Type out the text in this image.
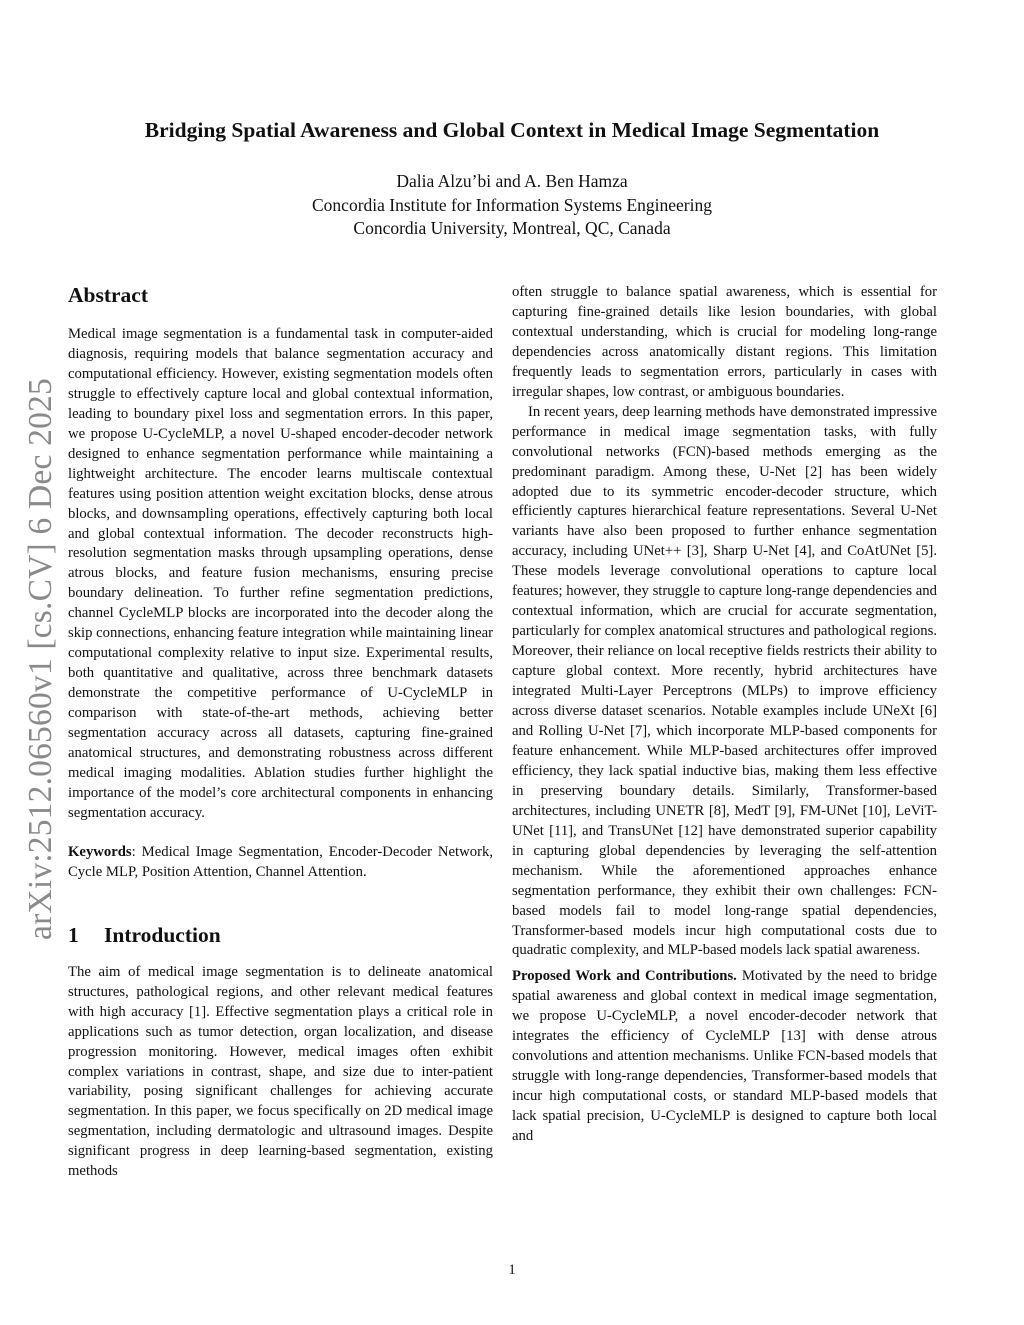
arXiv:2512.06560v1 [cs.CV] 6 Dec 2025
Bridging Spatial Awareness and Global Context in Medical Image Segmentation
Dalia Alzu’bi and A. Ben Hamza
Concordia Institute for Information Systems Engineering
Concordia University, Montreal, QC, Canada
Abstract

Medical image segmentation is a fundamental task in computer-aided diagnosis, requiring models that balance segmentation accuracy and computational efficiency. However, existing segmentation models often struggle to effectively capture local and global contextual information, leading to boundary pixel loss and segmentation errors. In this paper, we propose U-CycleMLP, a novel U-shaped encoder-decoder network designed to enhance segmentation performance while maintaining a lightweight architecture. The encoder learns multiscale contextual features using position attention weight excitation blocks, dense atrous blocks, and downsampling operations, effectively capturing both local and global contextual information. The decoder reconstructs high-resolution segmentation masks through upsampling operations, dense atrous blocks, and feature fusion mechanisms, ensuring precise boundary delineation. To further refine segmentation predictions, channel CycleMLP blocks are incorporated into the decoder along the skip connections, enhancing feature integration while maintaining linear computational complexity relative to input size. Experimental results, both quantitative and qualitative, across three benchmark datasets demonstrate the competitive performance of U-CycleMLP in comparison with state-of-the-art methods, achieving better segmentation accuracy across all datasets, capturing fine-grained anatomical structures, and demonstrating robustness across different medical imaging modalities. Ablation studies further highlight the importance of the model’s core architectural components in enhancing segmentation accuracy.

Keywords: Medical Image Segmentation, Encoder-Decoder Network, Cycle MLP, Position Attention, Channel Attention.

1 Introduction

The aim of medical image segmentation is to delineate anatomical structures, pathological regions, and other relevant medical features with high accuracy [1]. Effective segmentation plays a critical role in applications such as tumor detection, organ localization, and disease progression monitoring. However, medical images often exhibit complex variations in contrast, shape, and size due to inter-patient variability, posing significant challenges for achieving accurate segmentation. In this paper, we focus specifically on 2D medical image segmentation, including dermatologic and ultrasound images. Despite significant progress in deep learning-based segmentation, existing methods

often struggle to balance spatial awareness, which is essential for capturing fine-grained details like lesion boundaries, with global contextual understanding, which is crucial for modeling long-range dependencies across anatomically distant regions. This limitation frequently leads to segmentation errors, particularly in cases with irregular shapes, low contrast, or ambiguous boundaries.

In recent years, deep learning methods have demonstrated impressive performance in medical image segmentation tasks, with fully convolutional networks (FCN)-based methods emerging as the predominant paradigm. Among these, U-Net [2] has been widely adopted due to its symmetric encoder-decoder structure, which efficiently captures hierarchical feature representations. Several U-Net variants have also been proposed to further enhance segmentation accuracy, including UNet++ [3], Sharp U-Net [4], and CoAtUNet [5]. These models leverage convolutional operations to capture local features; however, they struggle to capture long-range dependencies and contextual information, which are crucial for accurate segmentation, particularly for complex anatomical structures and pathological regions. Moreover, their reliance on local receptive fields restricts their ability to capture global context. More recently, hybrid architectures have integrated Multi-Layer Perceptrons (MLPs) to improve efficiency across diverse dataset scenarios. Notable examples include UNeXt [6] and Rolling U-Net [7], which incorporate MLP-based components for feature enhancement. While MLP-based architectures offer improved efficiency, they lack spatial inductive bias, making them less effective in preserving boundary details. Similarly, Transformer-based architectures, including UNETR [8], MedT [9], FM-UNet [10], LeViT-UNet [11], and TransUNet [12] have demonstrated superior capability in capturing global dependencies by leveraging the self-attention mechanism. While the aforementioned approaches enhance segmentation performance, they exhibit their own challenges: FCN-based models fail to model long-range spatial dependencies, Transformer-based models incur high computational costs due to quadratic complexity, and MLP-based models lack spatial awareness.

Proposed Work and Contributions. Motivated by the need to bridge spatial awareness and global context in medical image segmentation, we propose U-CycleMLP, a novel encoder-decoder network that integrates the efficiency of CycleMLP [13] with dense atrous convolutions and attention mechanisms. Unlike FCN-based models that struggle with long-range dependencies, Transformer-based models that incur high computational costs, or standard MLP-based models that lack spatial precision, U-CycleMLP is designed to capture both local and

1
